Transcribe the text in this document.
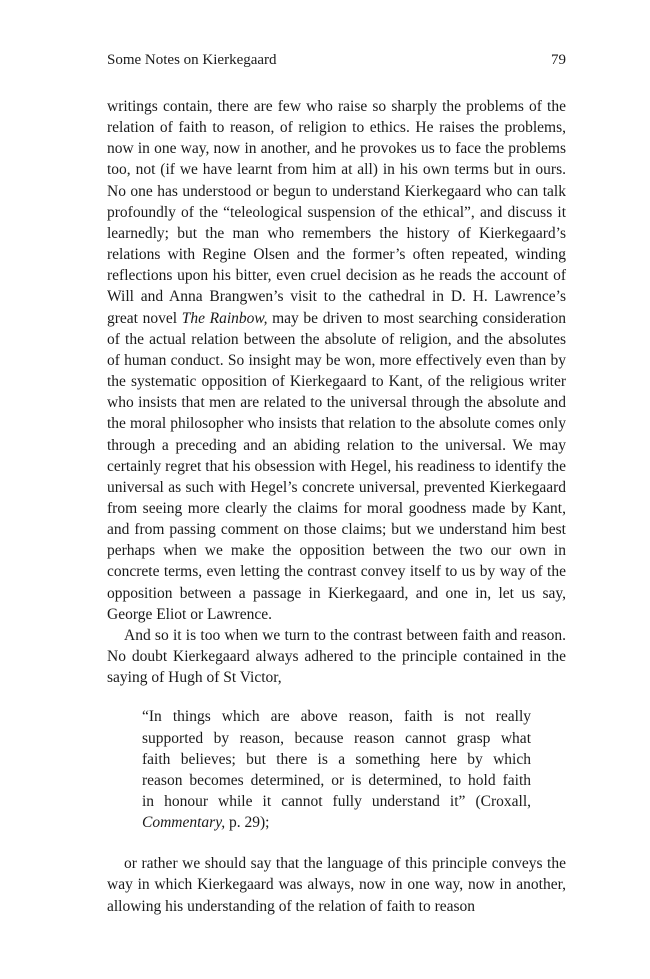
Some Notes on Kierkegaard	79

writings contain, there are few who raise so sharply the problems of the relation of faith to reason, of religion to ethics. He raises the problems, now in one way, now in another, and he provokes us to face the problems too, not (if we have learnt from him at all) in his own terms but in ours. No one has understood or begun to understand Kierkegaard who can talk profoundly of the “teleological suspension of the ethical”, and discuss it learnedly; but the man who remembers the history of Kierkegaard’s relations with Regine Olsen and the former’s often repeated, winding reflections upon his bitter, even cruel decision as he reads the account of Will and Anna Brangwen’s visit to the cathedral in D. H. Lawrence’s great novel The Rainbow, may be driven to most searching consideration of the actual relation between the absolute of religion, and the absolutes of human conduct. So insight may be won, more effectively even than by the systematic opposition of Kierkegaard to Kant, of the religious writer who insists that men are related to the universal through the absolute and the moral philosopher who insists that relation to the absolute comes only through a preceding and an abiding relation to the universal. We may certainly regret that his obsession with Hegel, his readiness to identify the universal as such with Hegel’s concrete universal, prevented Kierkegaard from seeing more clearly the claims for moral goodness made by Kant, and from passing comment on those claims; but we understand him best perhaps when we make the opposition between the two our own in concrete terms, even letting the contrast convey itself to us by way of the opposition between a passage in Kierkegaard, and one in, let us say, George Eliot or Lawrence.

And so it is too when we turn to the contrast between faith and reason. No doubt Kierkegaard always adhered to the principle contained in the saying of Hugh of St Victor,

“In things which are above reason, faith is not really
supported by reason, because reason cannot grasp what
faith believes; but there is a something here by which
reason becomes determined, or is determined, to hold faith
in honour while it cannot fully understand it” (Croxall,
Commentary, p. 29);

or rather we should say that the language of this principle conveys the way in which Kierkegaard was always, now in one way, now in another, allowing his understanding of the relation of faith to reason
